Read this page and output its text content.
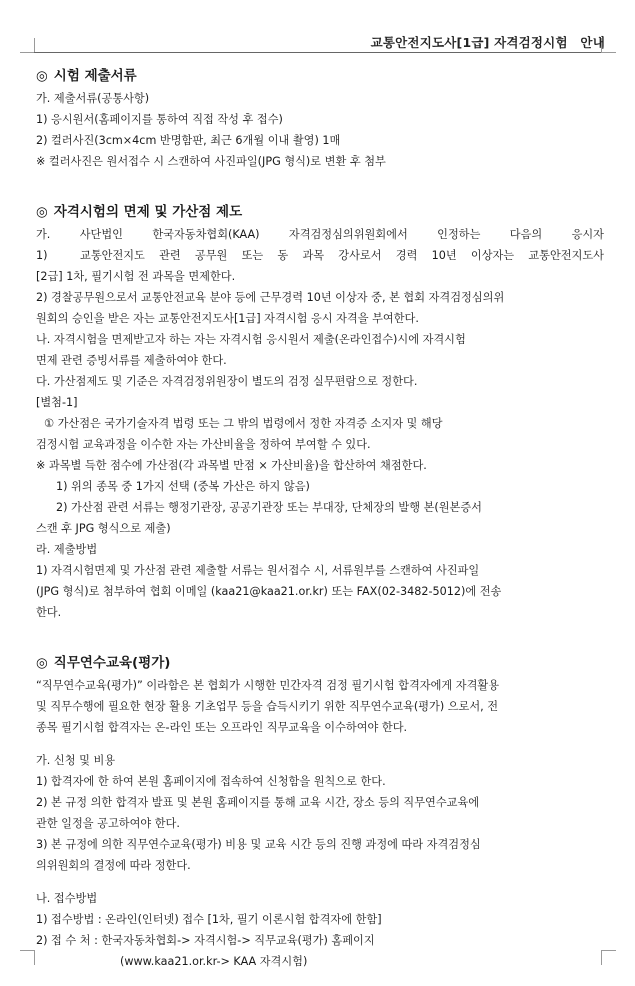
교통안전지도사[1급] 자격검정시험　안내
◎ 시험 제출서류
가. 제출서류(공통사항)
1) 응시원서(홈페이지를 통하여 직접 작성 후 접수)
2) 컬러사진(3cm×4cm 반명함판, 최근 6개월 이내 촬영) 1매
※ 컬러사진은 원서접수 시 스캔하여 사진파일(JPG 형식)로 변환 후 첨부
◎ 자격시험의 면제 및 가산점 제도
가. 사단법인 한국자동차협회(KAA) 자격검정심의위원회에서 인정하는 다음의 응시자
1)　교통안전지도 관련 공무원 또는 동 과목 강사로서 경력 10년 이상자는 교통안전지도사
[2급] 1차, 필기시험 전 과목을 면제한다.
2) 경찰공무원으로서 교통안전교육 분야 등에 근무경력 10년 이상자 중, 본 협회 자격검정심의위
원회의 승인을 받은 자는 교통안전지도사[1급] 자격시험 응시 자격을 부여한다.
나. 자격시험을 면제받고자 하는 자는 자격시험 응시원서 제출(온라인접수)시에 자격시험
면제 관련 증빙서류를 제출하여야 한다.
다. 가산점제도 및 기준은 자격검정위원장이 별도의 검정 실무편람으로 정한다.
[별첨-1]
① 가산점은 국가기술자격 법령 또는 그 밖의 법령에서 정한 자격증 소지자 및 해당
검정시험 교육과정을 이수한 자는 가산비율을 정하여 부여할 수 있다.
※ 과목별 득한 점수에 가산점(각 과목별 만점 × 가산비율)을 합산하여 채점한다.
1) 위의 종목 중 1가지 선택 (중복 가산은 하지 않음)
2) 가산점 관련 서류는 행정기관장, 공공기관장 또는 부대장, 단체장의 발행 본(원본증서
스캔 후 JPG 형식으로 제출)
라. 제출방법
1) 자격시험면제 및 가산점 관련 제출할 서류는 원서접수 시, 서류원부를 스캔하여 사진파일
(JPG 형식)로 첨부하여 협회 이메일 (kaa21@kaa21.or.kr) 또는 FAX(02-3482-5012)에 전송
한다.
◎ 직무연수교육(평가)
“직무연수교육(평가)” 이라함은 본 협회가 시행한 민간자격 검정 필기시험 합격자에게 자격활용
및 직무수행에 필요한 현장 활용 기초업무 등을 습득시키기 위한 직무연수교육(평가) 으로서, 전
종목 필기시험 합격자는 온-라인 또는 오프라인 직무교육을 이수하여야 한다.
가. 신청 및 비용
1) 합격자에 한 하여 본원 홈페이지에 접속하여 신청함을 원칙으로 한다.
2) 본 규정 의한 합격자 발표 및 본원 홈페이지를 통해 교육 시간, 장소 등의 직무연수교육에
관한 일정을 공고하여야 한다.
3) 본 규정에 의한 직무연수교육(평가) 비용 및 교육 시간 등의 진행 과정에 따라 자격검정심
의위원회의 결정에 따라 정한다.
나. 접수방법
1) 접수방법 : 온라인(인터넷) 접수 [1차, 필기 이론시험 합격자에 한함]
2) 접 수 처 : 한국자동차협회-> 자격시험-> 직무교육(평가) 홈페이지
(www.kaa21.or.kr-> KAA 자격시험)
